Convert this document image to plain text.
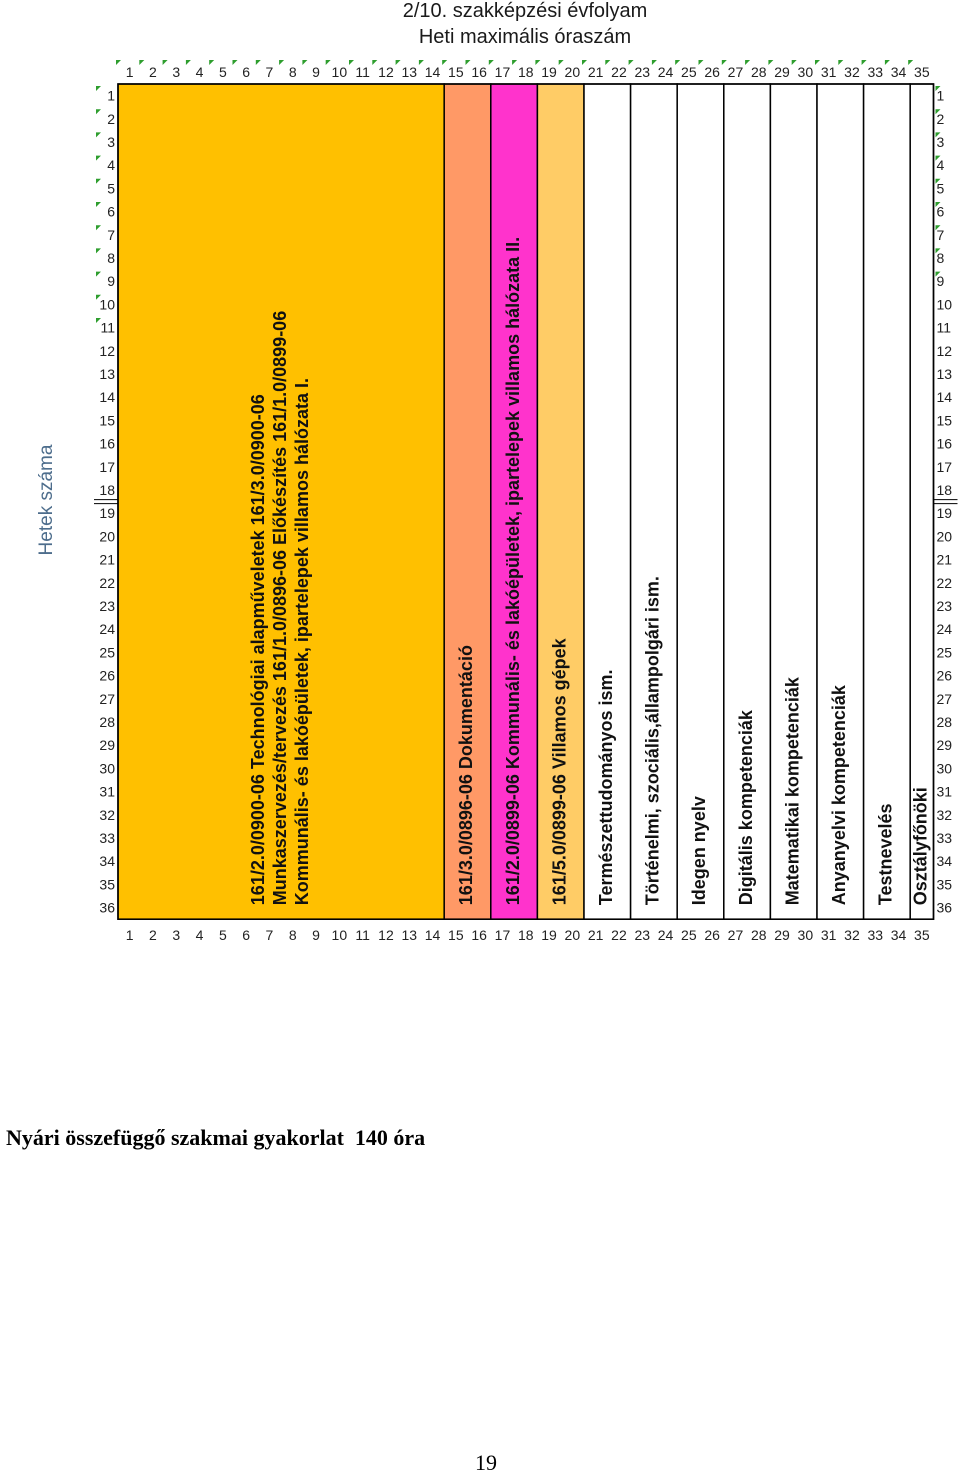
2/10. szakképzési évfolyam
Heti maximális óraszám
Hetek száma	161/2.0/0900-06 Technológiai alapműveletek 161/3.0/0900-06 Munkaszervezés/tervezés 161/1.0/0896-06 Előkészítés 161/1.0/0899-06 Kommunális- és lakóépületek, ipartelepek villamos hálózata I.	161/3.0/0896-06 Dokumentáció 161/2.0/0899-06 Kommunális- és lakóépületek, ipartelepek villamos hálózata II. 161/5.0/0899-06 Villamos gépek Természettudományos ism. Történelmi, szociális,állampolgári ism. Idegen nyelv Digitális kompetenciák Matematikai kompetenciák Anyanyelvi kompetenciák Testnevelés Osztályfőnöki
1
1
2
2
3
3
4
4
5
5
6
6
7
7
8
8
9
9
10
10
11
11
12
12
13
13
14
14
15
15
16
16
17
17
18
18
19
19
20
20
21
21
22
22
23
23
24
24
25
25
26
26
27
27
28
28
29
29
30
30
31
31
32
32
33
33
34
34
35
35
1	1
2	2
3	3
4	4
5	5
6	6
7	7
8	8
9	9
10	10
11	11
12	12
13	13
14	14
15	15
16	16
17	17
18	18
19	19
20	20
21	21
22	22
23	23
24	24
25	25
26	26
27	27
28	28
29	29
30	30
31	31
32	32
33	33
34	34
35	35
36	36
Nyári összefüggő szakmai gyakorlat  140 óra
19
